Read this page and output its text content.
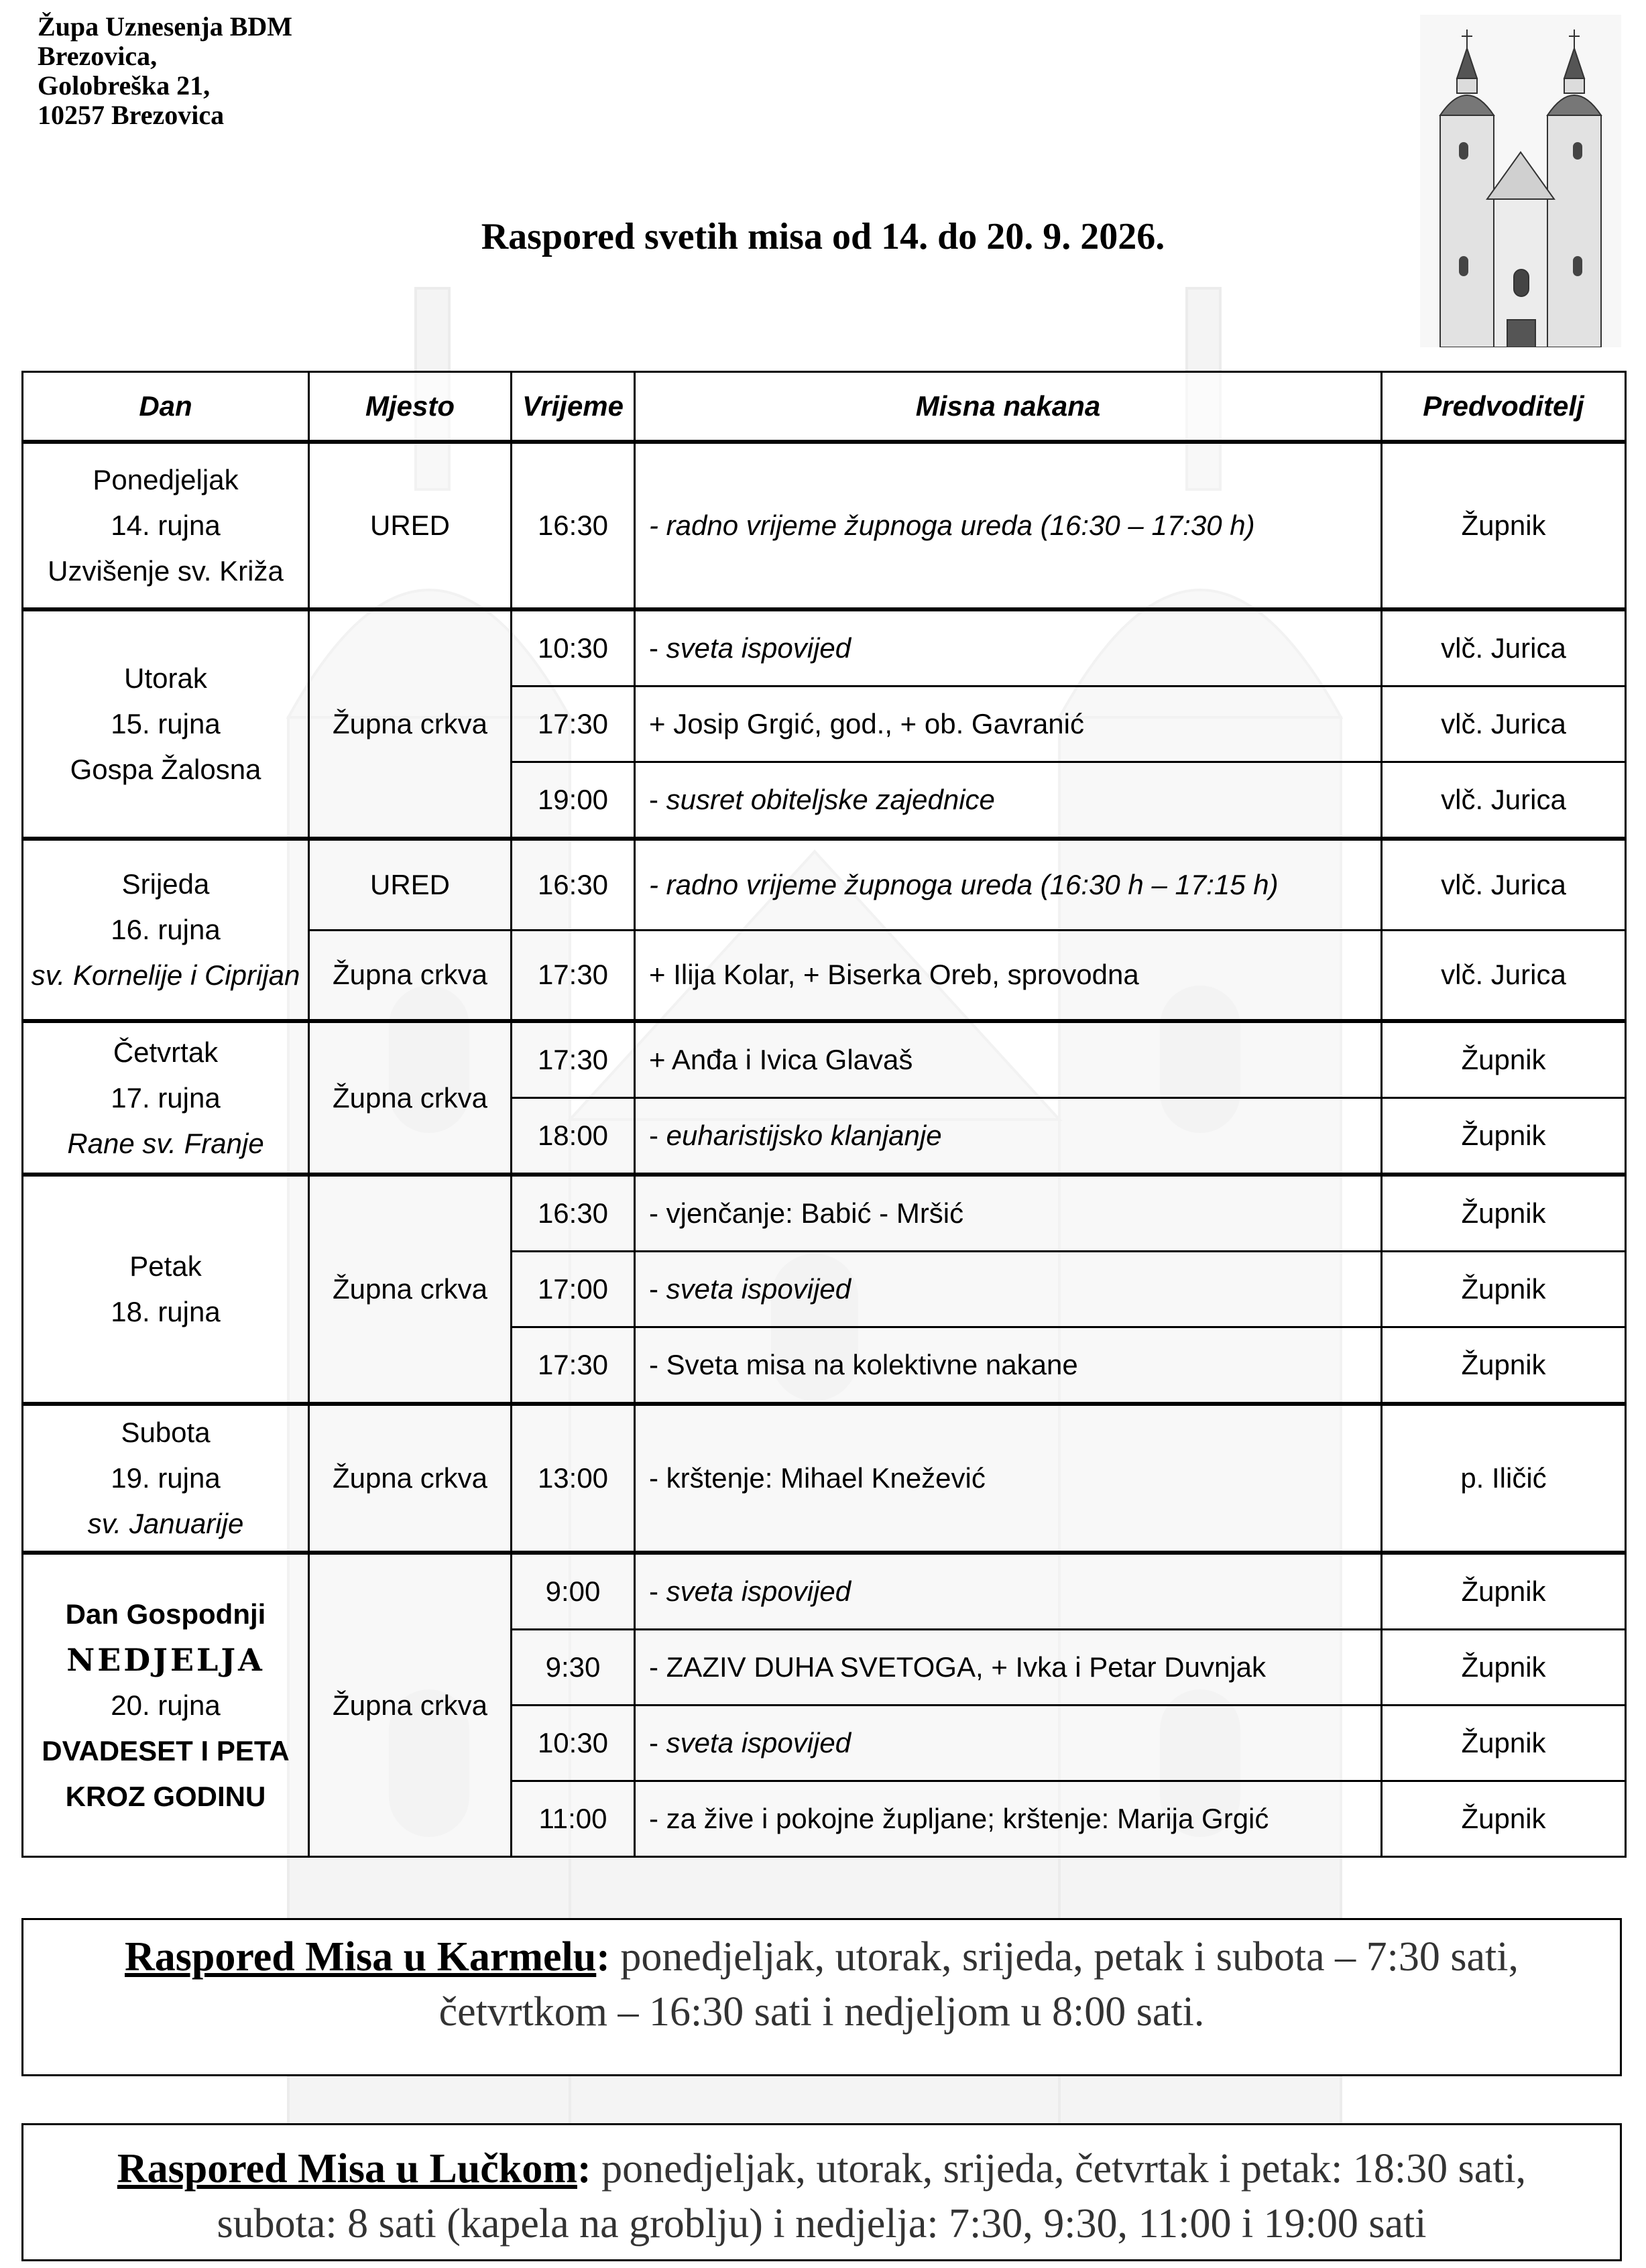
Župa Uznesenja BDM
Brezovica,
Golobreška 21,
10257 Brezovica
Raspored svetih misa od 14. do 20. 9. 2026.
Dan	Mjesto	Vrijeme	Misna nakana	Predvoditelj

Ponedjeljak
14. rujna
Uzvišenje sv. Križa	URED	16:30	- radno vrijeme župnoga ureda (16:30 – 17:30 h)	Župnik

Utorak
15. rujna
Gospa Žalosna	Župna crkva	10:30	- sveta ispovijed	vlč. Jurica
		17:30	+ Josip Grgić, god., + ob. Gavranić	vlč. Jurica
		19:00	- susret obiteljske zajednice	vlč. Jurica

Srijeda
16. rujna
sv. Kornelije i Ciprijan	URED	16:30	- radno vrijeme župnoga ureda (16:30 h – 17:15 h)	vlč. Jurica
	Župna crkva	17:30	+ Ilija Kolar, + Biserka Oreb, sprovodna	vlč. Jurica

Četvrtak
17. rujna
Rane sv. Franje	Župna crkva	17:30	+ Anđa i Ivica Glavaš	Župnik
		18:00	- euharistijsko klanjanje	Župnik

Petak
18. rujna	Župna crkva	16:30	- vjenčanje: Babić - Mršić	Župnik
		17:00	- sveta ispovijed	Župnik
		17:30	- Sveta misa na kolektivne nakane	Župnik

Subota
19. rujna
sv. Januarije	Župna crkva	13:00	- krštenje: Mihael Knežević	p. Iličić

Dan Gospodnji
NEDJELJA
20. rujna
DVADESET I PETA
KROZ GODINU	Župna crkva	9:00	- sveta ispovijed	Župnik
		9:30	- ZAZIV DUHA SVETOGA, + Ivka i Petar Duvnjak	Župnik
		10:30	- sveta ispovijed	Župnik
		11:00	- za žive i pokojne župljane; krštenje: Marija Grgić	Župnik
Raspored Misa u Karmelu: ponedjeljak, utorak, srijeda, petak i subota – 7:30 sati,
četvrtkom – 16:30 sati i nedjeljom u 8:00 sati.
Raspored Misa u Lučkom: ponedjeljak, utorak, srijeda, četvrtak i petak: 18:30 sati,
subota: 8 sati (kapela na groblju) i nedjelja: 7:30, 9:30, 11:00 i 19:00 sati
